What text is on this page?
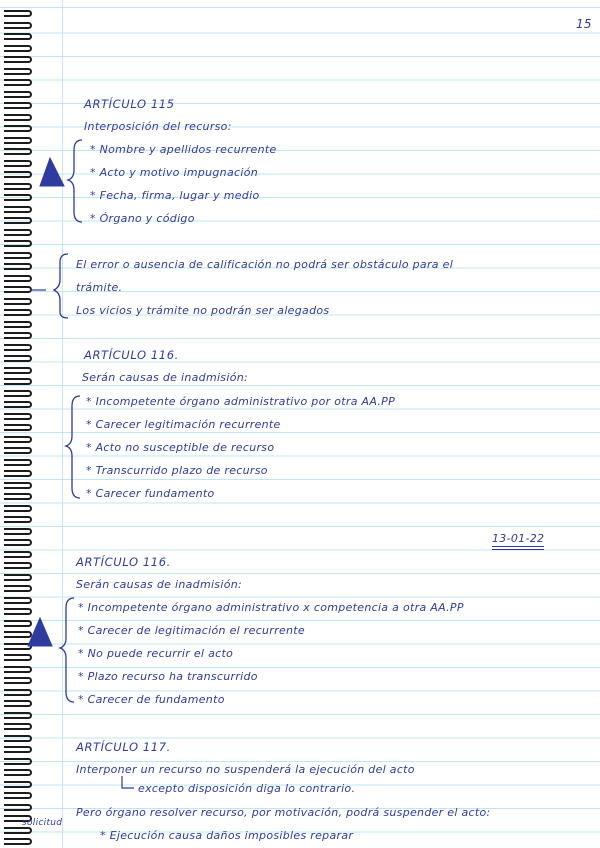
15
ARTÍCULO 115
Interposición del recurso:
* Nombre y apellidos recurrente
* Acto y motivo impugnación
* Fecha, firma, lugar y medio
* Órgano y código
El error o ausencia de calificación no podrá ser obstáculo para el
trámite.
Los vicios y trámite no podrán ser alegados
ARTÍCULO 116.
Serán causas de inadmisión:
* Incompetente órgano administrativo por otra AA.PP
* Carecer legitimación recurrente
* Acto no susceptible de recurso
* Transcurrido plazo de recurso
* Carecer fundamento
13-01-22
ARTÍCULO 116.
Serán causas de inadmisión:
* Incompetente órgano administrativo x competencia a otra AA.PP
* Carecer de legitimación el recurrente
* No puede recurrir el acto
* Plazo recurso ha transcurrido
* Carecer de fundamento
ARTÍCULO 117.
Interponer un recurso no suspenderá la ejecución del acto
excepto disposición diga lo contrario.
Pero órgano resolver recurso, por motivación, podrá suspender el acto:
* Ejecución causa daños imposibles reparar
solicitud
